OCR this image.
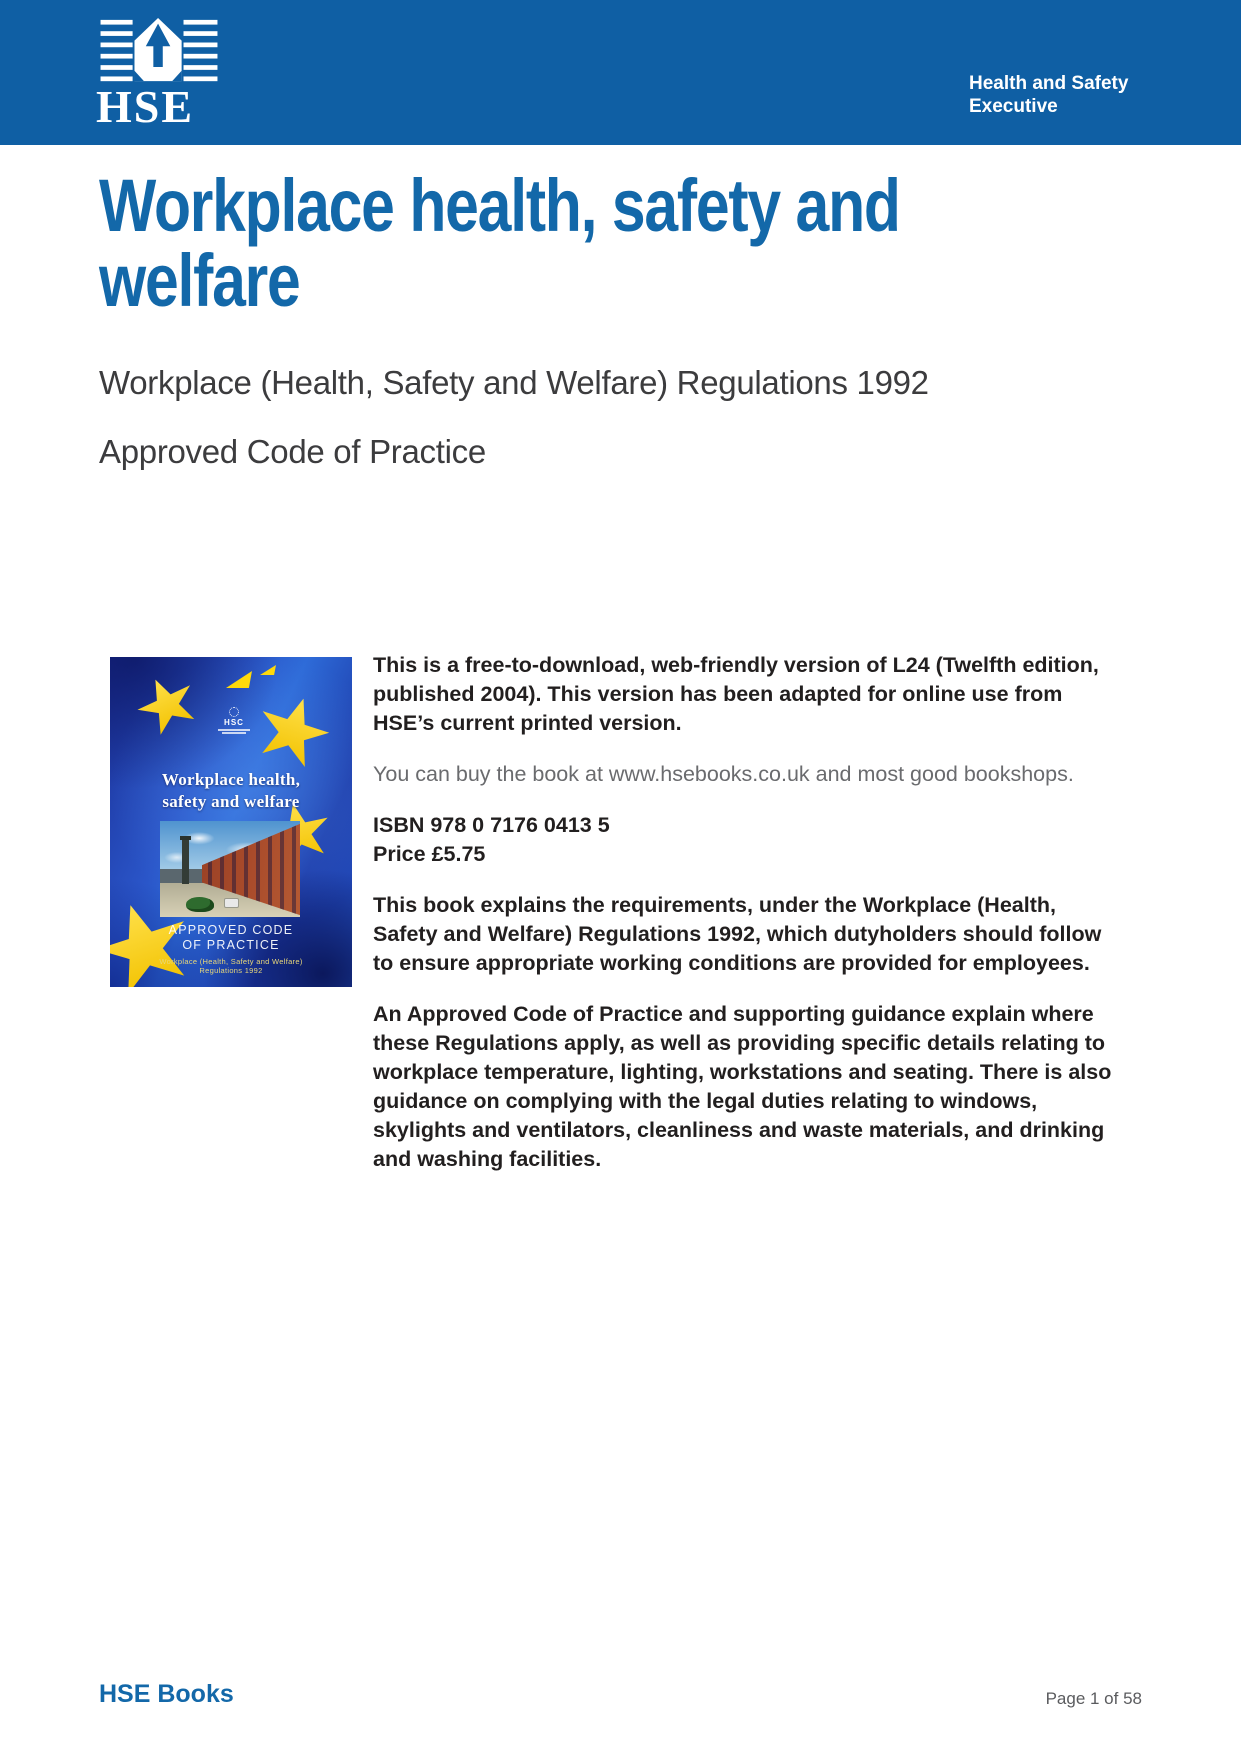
HSE	Health and Safety
Executive
Workplace health, safety and
welfare
Workplace (Health, Safety and Welfare) Regulations 1992
Approved Code of Practice
HSC
Workplace health,
safety and welfare
APPROVED CODE
OF PRACTICE
Workplace (Health, Safety and Welfare)
Regulations 1992

This is a free-to-download, web-friendly version of L24 (Twelfth edition, published 2004). This version has been adapted for online use from HSE’s current printed version.

You can buy the book at www.hsebooks.co.uk and most good bookshops.

ISBN 978 0 7176 0413 5
Price £5.75

This book explains the requirements, under the Workplace (Health, Safety and Welfare) Regulations 1992, which dutyholders should follow to ensure appropriate working conditions are provided for employees.

An Approved Code of Practice and supporting guidance explain where these Regulations apply, as well as providing specific details relating to workplace temperature, lighting, workstations and seating. There is also guidance on complying with the legal duties relating to windows, skylights and ventilators, cleanliness and waste materials, and drinking and washing facilities.

HSE Books	Page 1 of 58
